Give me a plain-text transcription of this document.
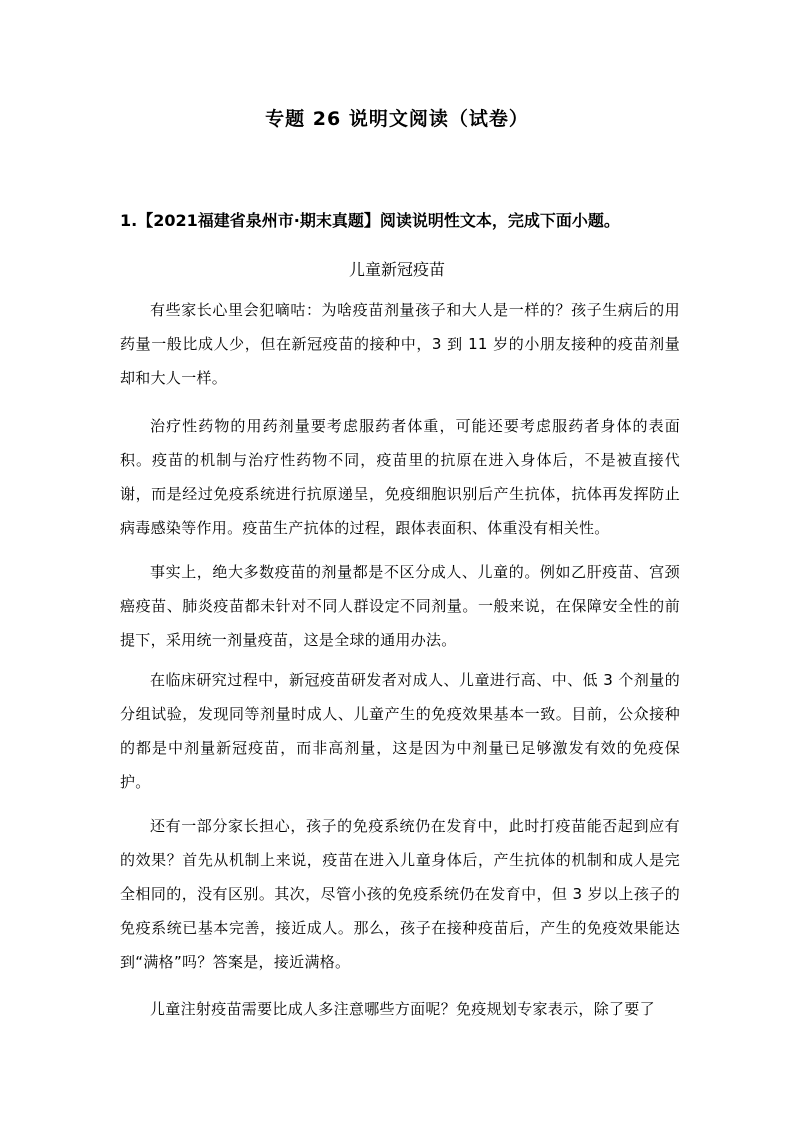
专题 26 说明文阅读（试卷）

1.【2021福建省泉州市·期末真题】阅读说明性文本，完成下面小题。

儿童新冠疫苗

有些家长心里会犯嘀咕：为啥疫苗剂量孩子和大人是一样的？孩子生病后的用药量一般比成人少，但在新冠疫苗的接种中，3 到 11 岁的小朋友接种的疫苗剂量却和大人一样。

治疗性药物的用药剂量要考虑服药者体重，可能还要考虑服药者身体的表面积。疫苗的机制与治疗性药物不同，疫苗里的抗原在进入身体后，不是被直接代谢，而是经过免疫系统进行抗原递呈，免疫细胞识别后产生抗体，抗体再发挥防止病毒感染等作用。疫苗生产抗体的过程，跟体表面积、体重没有相关性。

事实上，绝大多数疫苗的剂量都是不区分成人、儿童的。例如乙肝疫苗、宫颈癌疫苗、肺炎疫苗都未针对不同人群设定不同剂量。一般来说，在保障安全性的前提下，采用统一剂量疫苗，这是全球的通用办法。

在临床研究过程中，新冠疫苗研发者对成人、儿童进行高、中、低 3 个剂量的分组试验，发现同等剂量时成人、儿童产生的免疫效果基本一致。目前，公众接种的都是中剂量新冠疫苗，而非高剂量，这是因为中剂量已足够激发有效的免疫保护。

还有一部分家长担心，孩子的免疫系统仍在发育中，此时打疫苗能否起到应有的效果？首先从机制上来说，疫苗在进入儿童身体后，产生抗体的机制和成人是完全相同的，没有区别。其次，尽管小孩的免疫系统仍在发育中，但 3 岁以上孩子的免疫系统已基本完善，接近成人。那么，孩子在接种疫苗后，产生的免疫效果能达到“满格”吗？答案是，接近满格。

儿童注射疫苗需要比成人多注意哪些方面呢？免疫规划专家表示，除了要了
